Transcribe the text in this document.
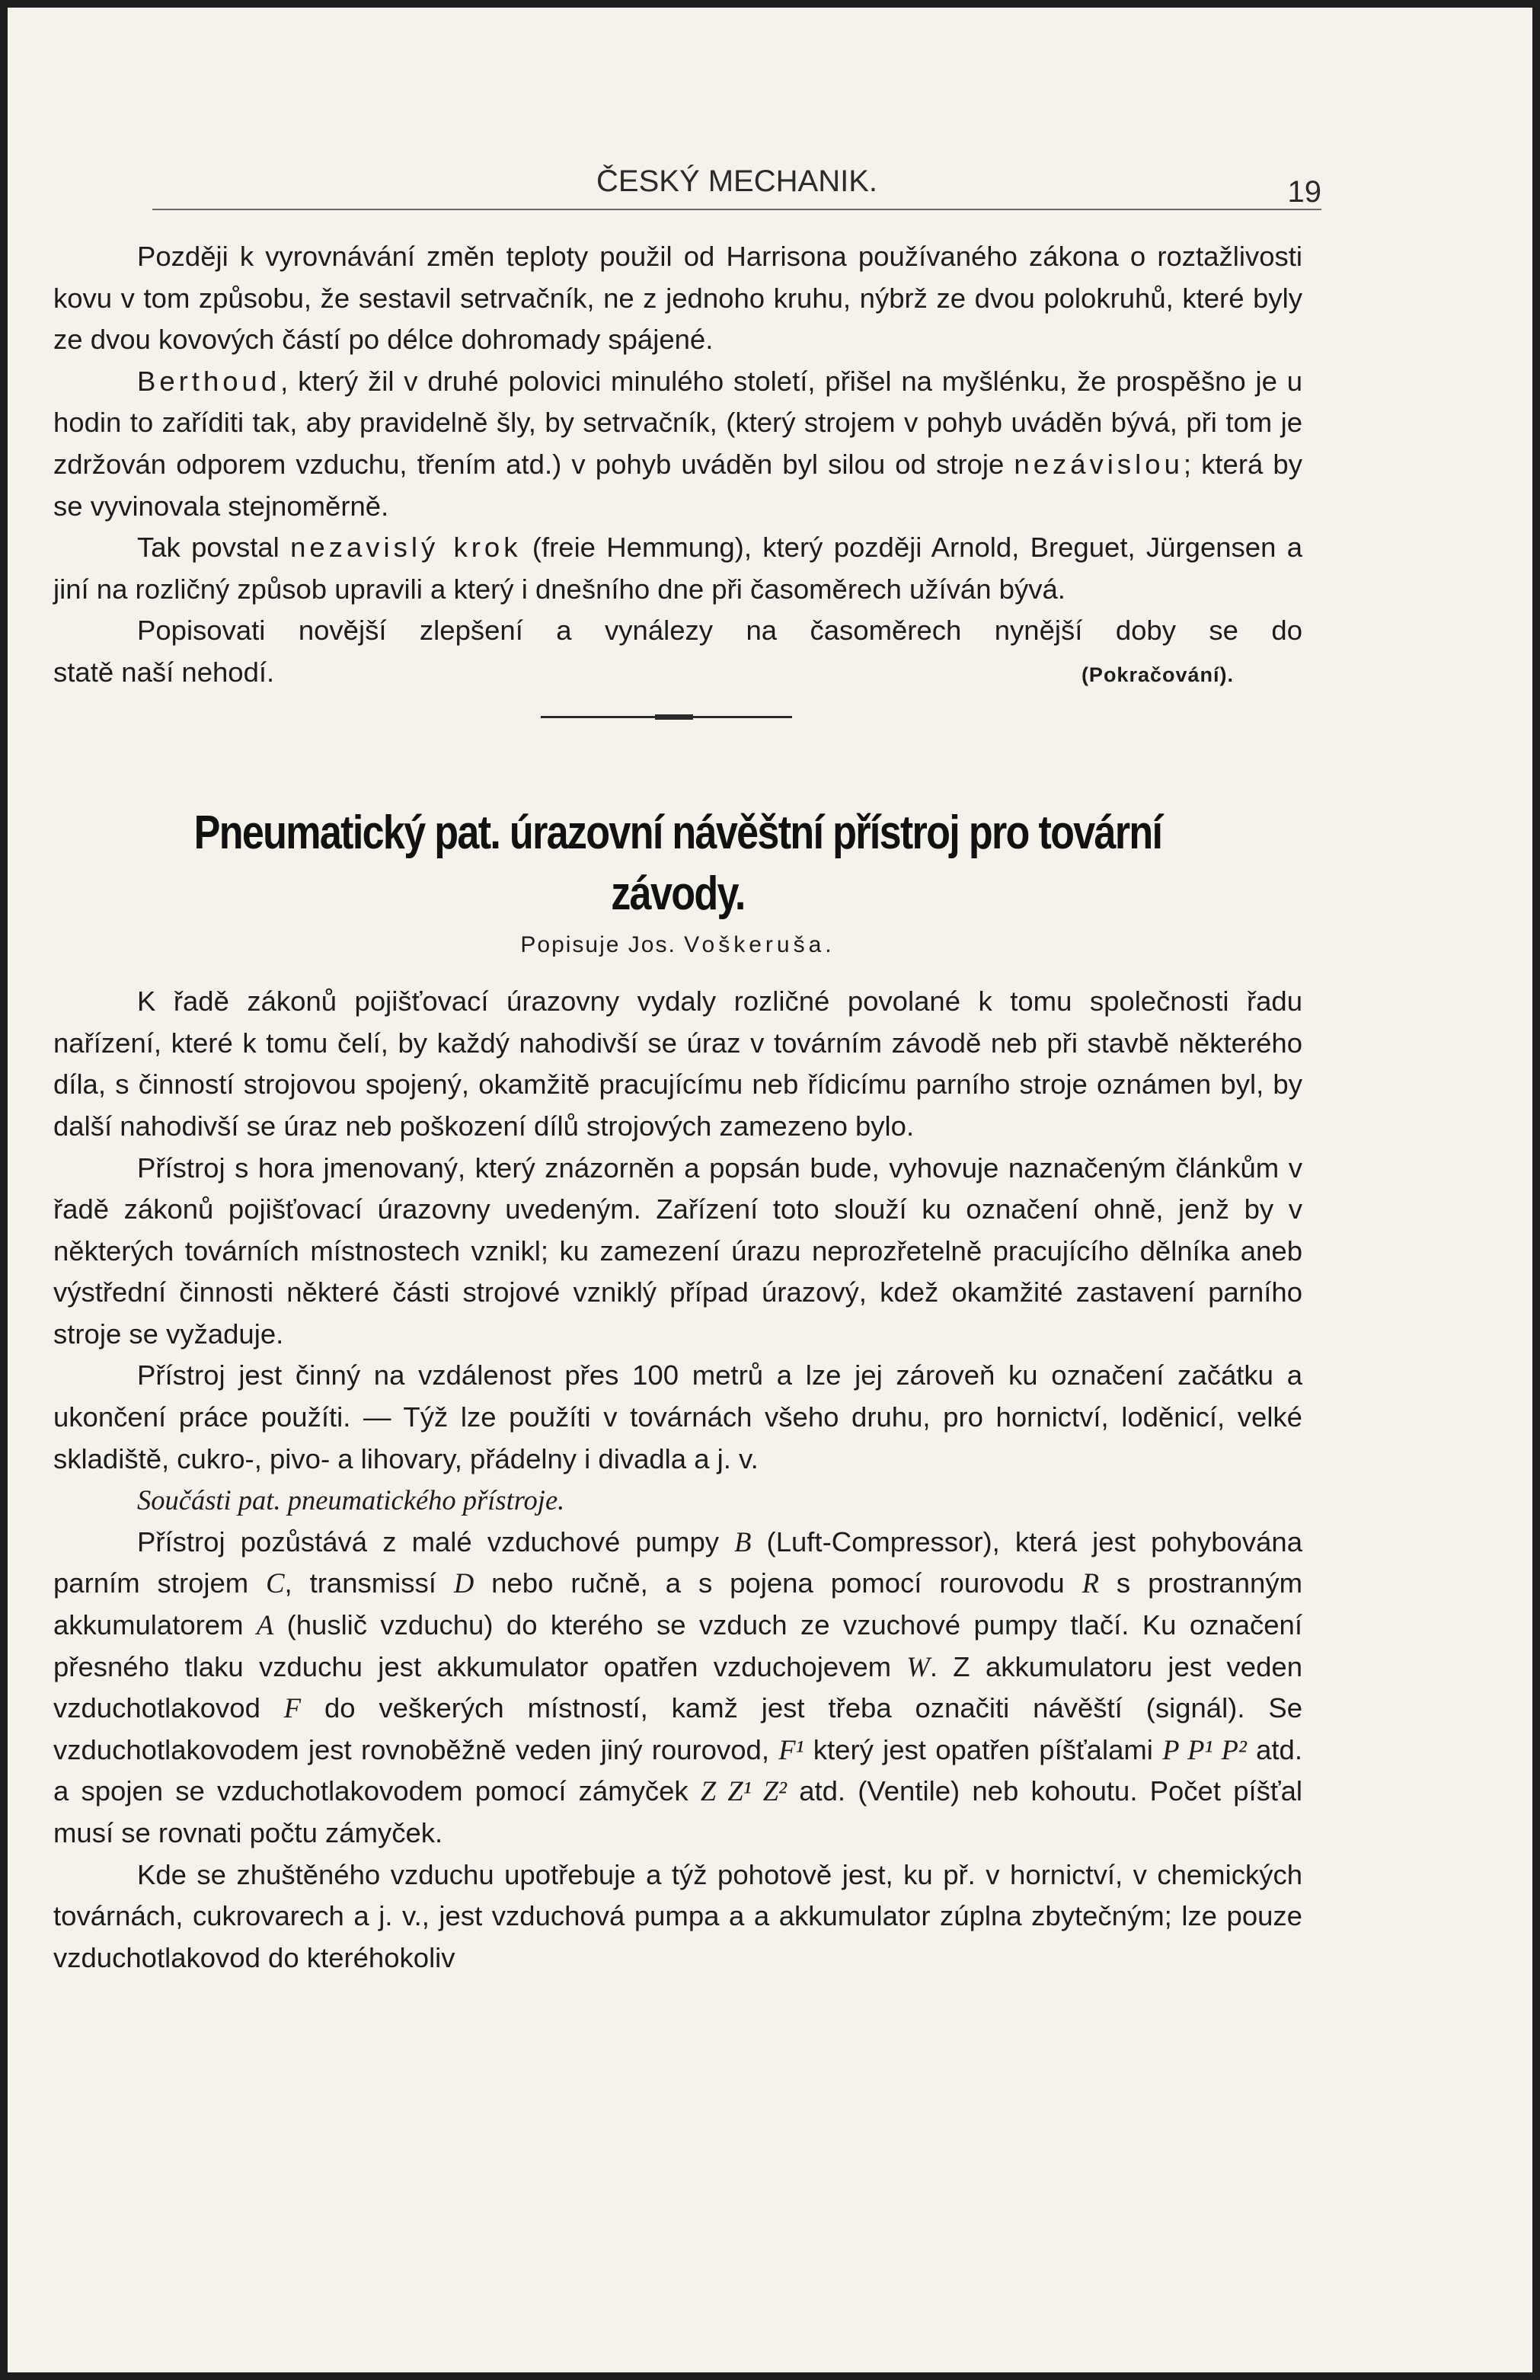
ČESKÝ MECHANIK.	19

Později k vyrovnávání změn teploty použil od Harrisona používaného zákona o roztažlivosti kovu v tom způsobu, že sestavil setrvačník, ne z jednoho kruhu, nýbrž ze dvou polokruhů, které byly ze dvou kovových částí po délce dohromady spájené.

Berthoud, který žil v druhé polovici minulého století, přišel na myšlénku, že prospěšno je u hodin to zaříditi tak, aby pravidelně šly, by setrvačník, (který strojem v pohyb uváděn bývá, při tom je zdržován odporem vzduchu, třením atd.) v pohyb uváděn byl silou od stroje nezávislou; která by se vyvinovala stejnoměrně.

Tak povstal nezavislý krok (freie Hemmung), který později Arnold, Breguet, Jürgensen a jiní na rozličný způsob upravili a který i dnešního dne při časoměrech užíván bývá.

Popisovati novější zlepšení a vynálezy na časoměrech nynější doby se do

statě naší nehodí.	(Pokračování).
Pneumatický pat. úrazovní návěštní přístroj pro tovární závody.

Popisuje Jos. Voškeruša.

K řadě zákonů pojišťovací úrazovny vydaly rozličné povolané k tomu společnosti řadu nařízení, které k tomu čelí, by každý nahodivší se úraz v továrním závodě neb při stavbě některého díla, s činností strojovou spojený, okamžitě pracujícímu neb řídicímu parního stroje oznámen byl, by další nahodivší se úraz neb poškození dílů strojových zamezeno bylo.

Přístroj s hora jmenovaný, který znázorněn a popsán bude, vyhovuje naznačeným článkům v řadě zákonů pojišťovací úrazovny uvedeným. Zařízení toto slouží ku označení ohně, jenž by v některých továrních místnostech vznikl; ku zamezení úrazu neprozřetelně pracujícího dělníka aneb výstřední činnosti některé části strojové vzniklý případ úrazový, kdež okamžité zastavení parního stroje se vyžaduje.

Přístroj jest činný na vzdálenost přes 100 metrů a lze jej zároveň ku označení začátku a ukončení práce použíti. — Týž lze použíti v továrnách všeho druhu, pro hornictví, loděnicí, velké skladiště, cukro-, pivo- a lihovary, přádelny i divadla a j. v.

Součásti pat. pneumatického přístroje.

Přístroj pozůstává z malé vzduchové pumpy B (Luft-Compressor), která jest pohybována parním strojem C, transmissí D nebo ručně, a s pojena pomocí rourovodu R s prostranným akkumulatorem A (huslič vzduchu) do kterého se vzduch ze vzuchové pumpy tlačí. Ku označení přesného tlaku vzduchu jest akkumulator opatřen vzduchojevem W. Z akkumulatoru jest veden vzduchotlakovod F do veškerých místností, kamž jest třeba označiti návěští (signál). Se vzduchotlakovodem jest rovnoběžně veden jiný rourovod, F¹ který jest opatřen píšťalami P P¹ P² atd. a spojen se vzduchotlakovodem pomocí zámyček Z Z¹ Z² atd. (Ventile) neb kohoutu. Počet píšťal musí se rovnati počtu zámyček.

Kde se zhuštěného vzduchu upotřebuje a týž pohotově jest, ku př. v hornictví, v chemických továrnách, cukrovarech a j. v., jest vzduchová pumpa a a akkumulator zúplna zbytečným; lze pouze vzduchotlakovod do kteréhokoliv
